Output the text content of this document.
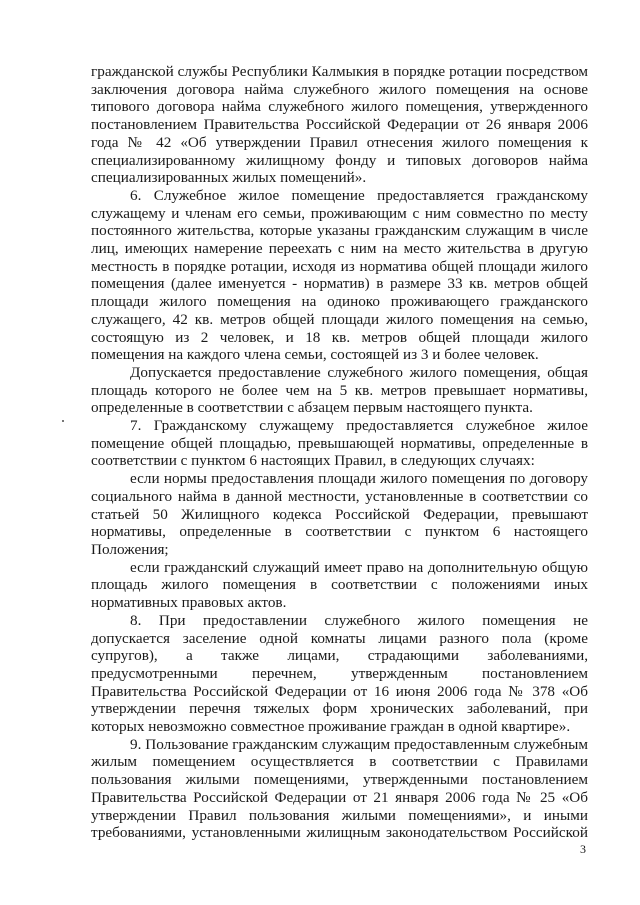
гражданской службы Республики Калмыкия в порядке ротации посредством заключения договора найма служебного жилого помещения на основе типового договора найма служебного жилого помещения, утвержденного постановлением Правительства Российской Федерации от 26 января 2006 года № 42 «Об утверждении Правил отнесения жилого помещения к специализированному жилищному фонду и типовых договоров найма специализированных жилых помещений».

6. Служебное жилое помещение предоставляется гражданскому служащему и членам его семьи, проживающим с ним совместно по месту постоянного жительства, которые указаны гражданским служащим в числе лиц, имеющих намерение переехать с ним на место жительства в другую местность в порядке ротации, исходя из норматива общей площади жилого помещения (далее именуется - норматив) в размере 33 кв. метров общей площади жилого помещения на одиноко проживающего гражданского служащего, 42 кв. метров общей площади жилого помещения на семью, состоящую из 2 человек, и 18 кв. метров общей площади жилого помещения на каждого члена семьи, состоящей из 3 и более человек.

Допускается предоставление служебного жилого помещения, общая площадь которого не более чем на 5 кв. метров превышает нормативы, определенные в соответствии с абзацем первым настоящего пункта.

7. Гражданскому служащему предоставляется служебное жилое помещение общей площадью, превышающей нормативы, определенные в соответствии с пунктом 6 настоящих Правил, в следующих случаях:

если нормы предоставления площади жилого помещения по договору социального найма в данной местности, установленные в соответствии со статьей 50 Жилищного кодекса Российской Федерации, превышают нормативы, определенные в соответствии с пунктом 6 настоящего Положения;

если гражданский служащий имеет право на дополнительную общую площадь жилого помещения в соответствии с положениями иных нормативных правовых актов.

8. При предоставлении служебного жилого помещения не допускается заселение одной комнаты лицами разного пола (кроме супругов), а также лицами, страдающими заболеваниями, предусмотренными перечнем, утвержденным постановлением Правительства Российской Федерации от 16 июня 2006 года № 378 «Об утверждении перечня тяжелых форм хронических заболеваний, при которых невозможно совместное проживание граждан в одной квартире».

9. Пользование гражданским служащим предоставленным служебным жилым помещением осуществляется в соответствии с Правилами пользования жилыми помещениями, утвержденными постановлением Правительства Российской Федерации от 21 января 2006 года № 25 «Об утверждении Правил пользования жилыми помещениями», и иными требованиями, установленными жилищным законодательством Российской

3
